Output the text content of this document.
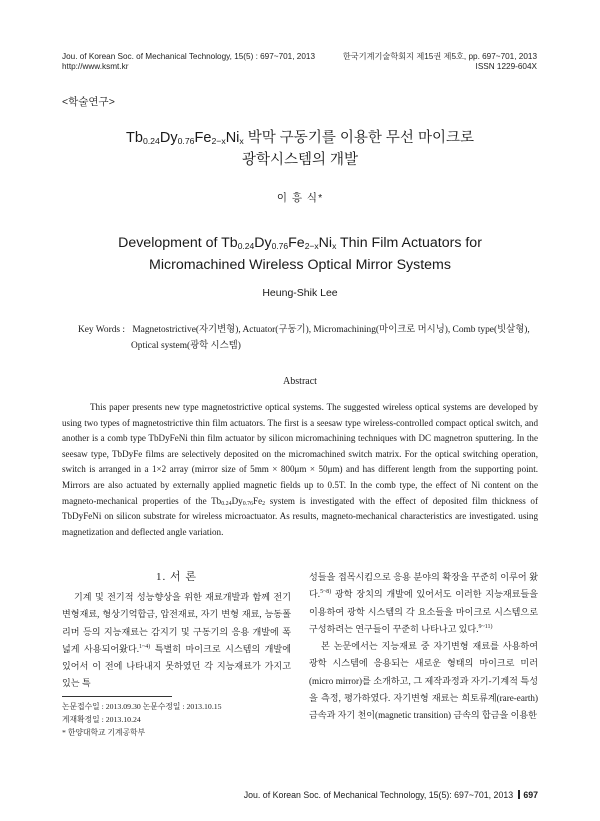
Jou. of Korean Soc. of Mechanical Technology, 15(5) : 697~701, 2013
http://www.ksmt.kr
한국기계기술학회지 제15권 제5호, pp. 697~701, 2013
ISSN 1229-604X
<학술연구>
$Tb_{0.24}Dy_{0.76}Fe_{2-x}Ni_x$ 박막 구동기를 이용한 무선 마이크로
광학시스템의 개발
이 흥 식*
Development of $Tb_{0.24}Dy_{0.76}Fe_{2-x}Ni_x$ Thin Film Actuators for
Micromachined Wireless Optical Mirror Systems
Heung-Shik Lee
Key Words : Magnetostrictive(자기변형), Actuator(구동기), Micromachining(마이크로 머시닝), Comb type(빗살형),
Optical system(광학 시스템)
Abstract
This paper presents new type magnetostrictive optical systems. The suggested wireless optical systems are developed by using two types of magnetostrictive thin film actuators. The first is a seesaw type wireless-controlled compact optical switch, and another is a comb type TbDyFeNi thin film actuator by silicon micromachining techniques with DC magnetron sputtering. In the seesaw type, TbDyFe films are selectively deposited on the micromachined switch matrix. For the optical switching operation, switch is arranged in a 1×2 array (mirror size of 5mm × 800μm × 50μm) and has different length from the supporting point. Mirrors are also actuated by externally applied magnetic fields up to 0.5T. In the comb type, the effect of Ni content on the magneto-mechanical properties of the $Tb_{0.24}Dy_{0.76}Fe_2$ system is investigated with the effect of deposited film thickness of TbDyFeNi on silicon substrate for wireless microactuator. As results, magneto-mechanical characteristics are investigated. using magnetization and deflected angle variation.
1. 서 론

기계 및 전기적 성능향상을 위한 재료개발과 함께 전기변형재료, 형상기억합금, 압전재료, 자기 변형 재료, 능동폴리머 등의 지능재료는 감지기 및 구동기의 응용 개발에 폭넓게 사용되어왔다.$^{1\sim 4)}$ 특별히 마이크로 시스템의 개발에 있어서 이 전에 나타내지 못하였던 각 지능재료가 가지고 있는 특

성들을 접목시킴으로 응용 분야의 확장을 꾸준히 이루어 왔다.$^{5\sim 8)}$ 광학 장치의 개발에 있어서도 이러한 지능재료들을 이용하여 광학 시스템의 각 요소들을 마이크로 시스템으로 구성하려는 연구들이 꾸준히 나타나고 있다.$^{9\sim 11)}$

본 논문에서는 지능재료 중 자기변형 재료를 사용하여 광학 시스템에 응용되는 새로운 형태의 마이크로 미러(micro mirror)를 소개하고, 그 제작과정과 자기-기계적 특성을 측정, 평가하였다. 자기변형 재료는 희토류계(rare-earth) 금속과 자기 천이(magnetic transition) 금속의 합금을 이용한

논문접수일 : 2013.09.30 논문수정일 : 2013.10.15
게재확정일 : 2013.10.24
* 한양대학교 기계공학부
Jou. of Korean Soc. of Mechanical Technology, 15(5): 697~701, 2013 697
